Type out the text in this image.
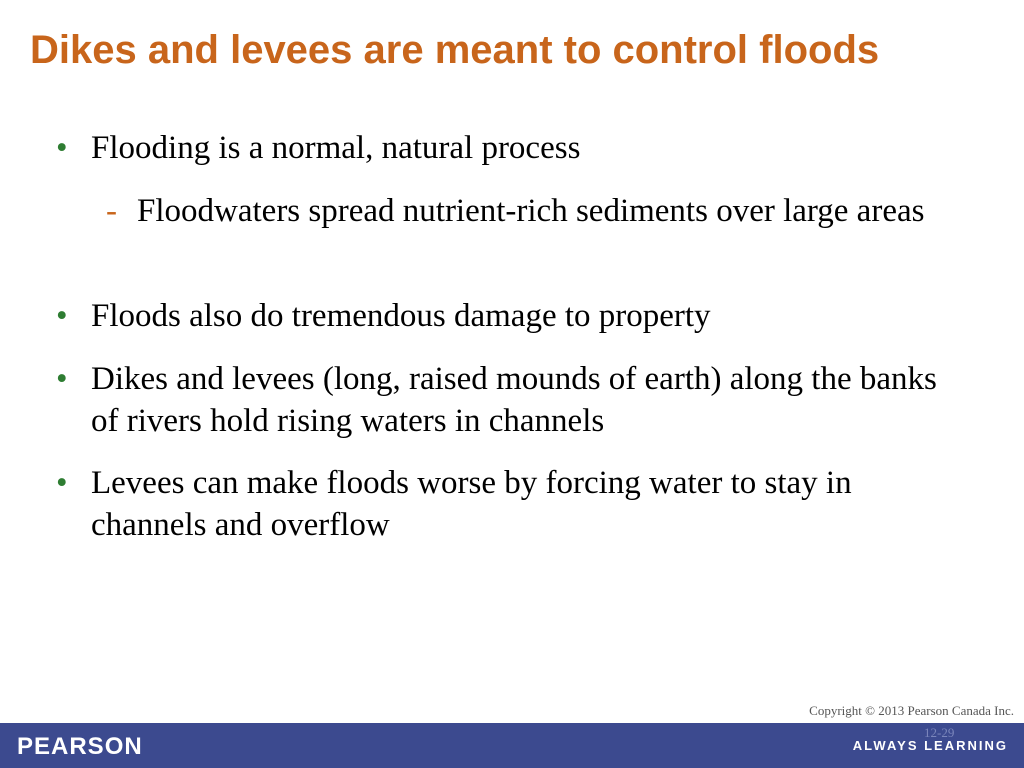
Dikes and levees are meant to control floods
• Flooding is a normal, natural process
- Floodwaters spread nutrient-rich sediments over large areas
• Floods also do tremendous damage to property
• Dikes and levees (long, raised mounds of earth) along the banks of rivers hold rising waters in channels
• Levees can make floods worse by forcing water to stay in channels and overflow
Copyright © 2013 Pearson Canada Inc.
PEARSON
12-29
ALWAYS LEARNING
